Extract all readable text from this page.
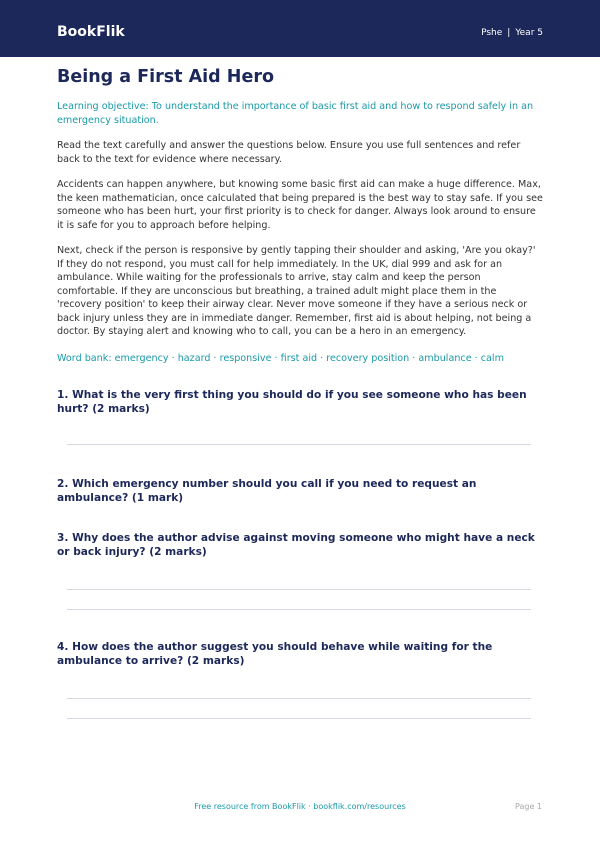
BookFlik	Pshe | Year 5
Being a First Aid Hero

Learning objective: To understand the importance of basic first aid and how to respond safely in an emergency situation.

Read the text carefully and answer the questions below. Ensure you use full sentences and refer back to the text for evidence where necessary.

Accidents can happen anywhere, but knowing some basic first aid can make a huge difference. Max, the keen mathematician, once calculated that being prepared is the best way to stay safe. If you see someone who has been hurt, your first priority is to check for danger. Always look around to ensure it is safe for you to approach before helping.

Next, check if the person is responsive by gently tapping their shoulder and asking, 'Are you okay?' If they do not respond, you must call for help immediately. In the UK, dial 999 and ask for an ambulance. While waiting for the professionals to arrive, stay calm and keep the person comfortable. If they are unconscious but breathing, a trained adult might place them in the 'recovery position' to keep their airway clear. Never move someone if they have a serious neck or back injury unless they are in immediate danger. Remember, first aid is about helping, not being a doctor. By staying alert and knowing who to call, you can be a hero in an emergency.

Word bank: emergency · hazard · responsive · first aid · recovery position · ambulance · calm

1. What is the very first thing you should do if you see someone who has been hurt? (2 marks)

2. Which emergency number should you call if you need to request an ambulance? (1 mark)

3. Why does the author advise against moving someone who might have a neck or back injury? (2 marks)

4. How does the author suggest you should behave while waiting for the ambulance to arrive? (2 marks)

Free resource from BookFlik · bookflik.com/resources	Page 1
